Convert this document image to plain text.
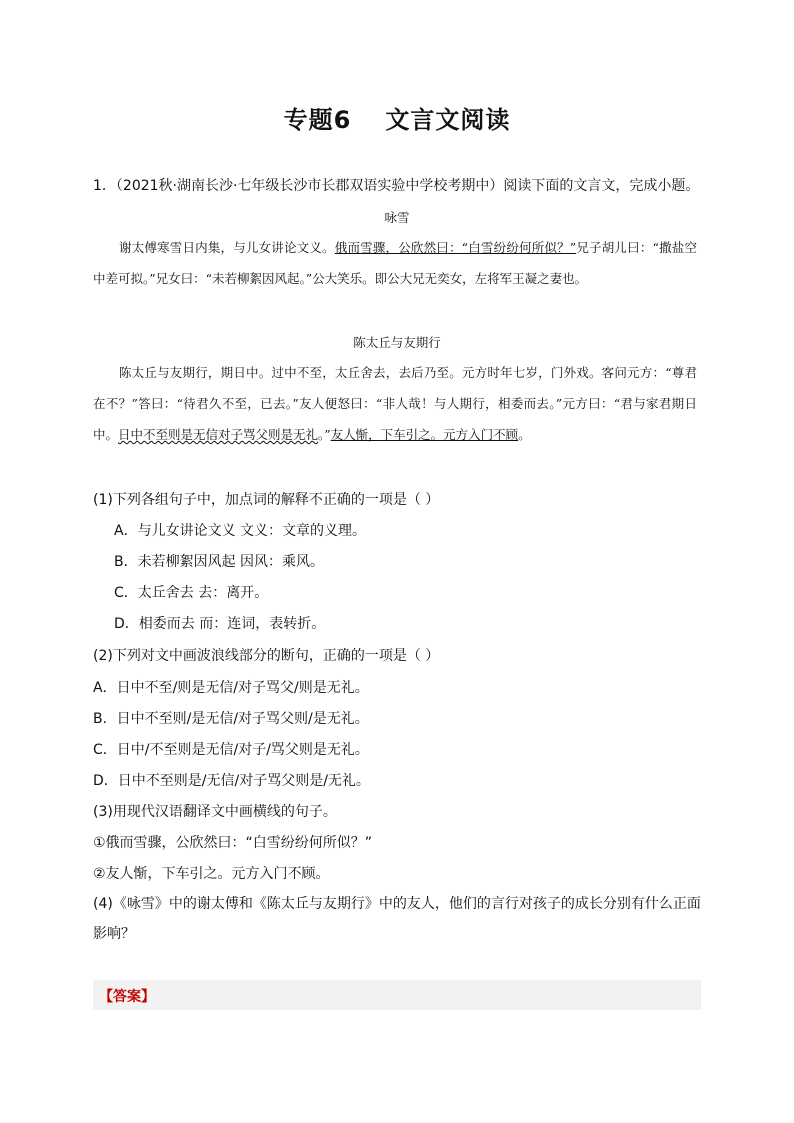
专题6 文言文阅读
1．（2021秋·湖南长沙·七年级长沙市长郡双语实验中学校考期中）阅读下面的文言文，完成小题。
咏雪
谢太傅寒雪日内集，与儿女讲论文义。俄而雪骤，公欣然曰：“白雪纷纷何所似？”兄子胡儿曰：“撒盐空中差可拟。”兄女曰：“未若柳絮因风起。”公大笑乐。即公大兄无奕女，左将军王凝之妻也。
陈太丘与友期行
陈太丘与友期行，期日中。过中不至，太丘舍去，去后乃至。元方时年七岁，门外戏。客问元方：“尊君在不？”答曰：“待君久不至，已去。”友人便怒曰：“非人哉！与人期行，相委而去。”元方曰：“君与家君期日中。日中不至则是无信对子骂父则是无礼。”友人惭，下车引之。元方入门不顾。
(1)下列各组句子中，加点词的解释不正确的一项是（ ）
A．与儿女讲论文义 文义：文章的义理。
B．未若柳絮因风起 因风：乘风。
C．太丘舍去 去：离开。
D．相委而去 而：连词，表转折。
(2)下列对文中画波浪线部分的断句，正确的一项是（ ）
A．日中不至/则是无信/对子骂父/则是无礼。
B．日中不至则/是无信/对子骂父则/是无礼。
C．日中/不至则是无信/对子/骂父则是无礼。
D．日中不至则是/无信/对子骂父则是/无礼。
(3)用现代汉语翻译文中画横线的句子。
①俄而雪骤，公欣然曰：“白雪纷纷何所似？”
②友人惭，下车引之。元方入门不顾。
(4)《咏雪》中的谢太傅和《陈太丘与友期行》中的友人，他们的言行对孩子的成长分别有什么正面影响？
【答案】
